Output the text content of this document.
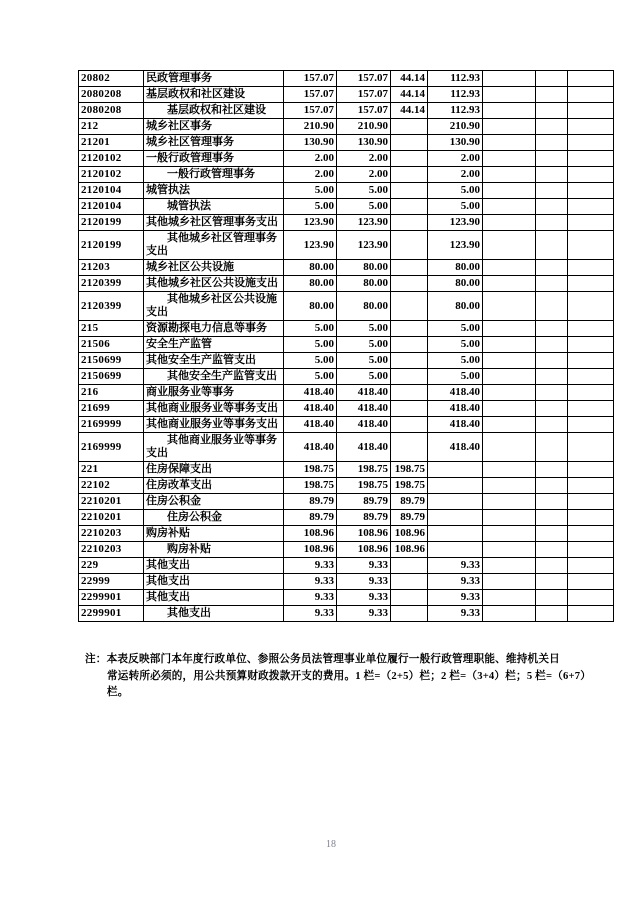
20802	民政管理事务	157.07	157.07	44.14	112.93			
2080208	基层政权和社区建设	157.07	157.07	44.14	112.93			
2080208	基层政权和社区建设	157.07	157.07	44.14	112.93			
212	城乡社区事务	210.90	210.90		210.90			
21201	城乡社区管理事务	130.90	130.90		130.90			
2120102	一般行政管理事务	2.00	2.00		2.00			
2120102	一般行政管理事务	2.00	2.00		2.00			
2120104	城管执法	5.00	5.00		5.00			
2120104	城管执法	5.00	5.00		5.00			
2120199	其他城乡社区管理事务支出	123.90	123.90		123.90			
2120199	其他城乡社区管理事务支出	123.90	123.90		123.90			
21203	城乡社区公共设施	80.00	80.00		80.00			
2120399	其他城乡社区公共设施支出	80.00	80.00		80.00			
2120399	其他城乡社区公共设施支出	80.00	80.00		80.00			
215	资源勘探电力信息等事务	5.00	5.00		5.00			
21506	安全生产监管	5.00	5.00		5.00			
2150699	其他安全生产监管支出	5.00	5.00		5.00			
2150699	其他安全生产监管支出	5.00	5.00		5.00			
216	商业服务业等事务	418.40	418.40		418.40			
21699	其他商业服务业等事务支出	418.40	418.40		418.40			
2169999	其他商业服务业等事务支出	418.40	418.40		418.40			
2169999	其他商业服务业等事务支出	418.40	418.40		418.40			
221	住房保障支出	198.75	198.75	198.75				
22102	住房改革支出	198.75	198.75	198.75				
2210201	住房公积金	89.79	89.79	89.79				
2210201	住房公积金	89.79	89.79	89.79				
2210203	购房补贴	108.96	108.96	108.96				
2210203	购房补贴	108.96	108.96	108.96				
229	其他支出	9.33	9.33		9.33			
22999	其他支出	9.33	9.33		9.33			
2299901	其他支出	9.33	9.33		9.33			
2299901	其他支出	9.33	9.33		9.33			
注：本表反映部门本年度行政单位、参照公务员法管理事业单位履行一般行政管理职能、维持机关日
常运转所必须的，用公共预算财政拨款开支的费用。1 栏=（2+5）栏；2 栏=（3+4）栏；5 栏=（6+7）
栏。
18
